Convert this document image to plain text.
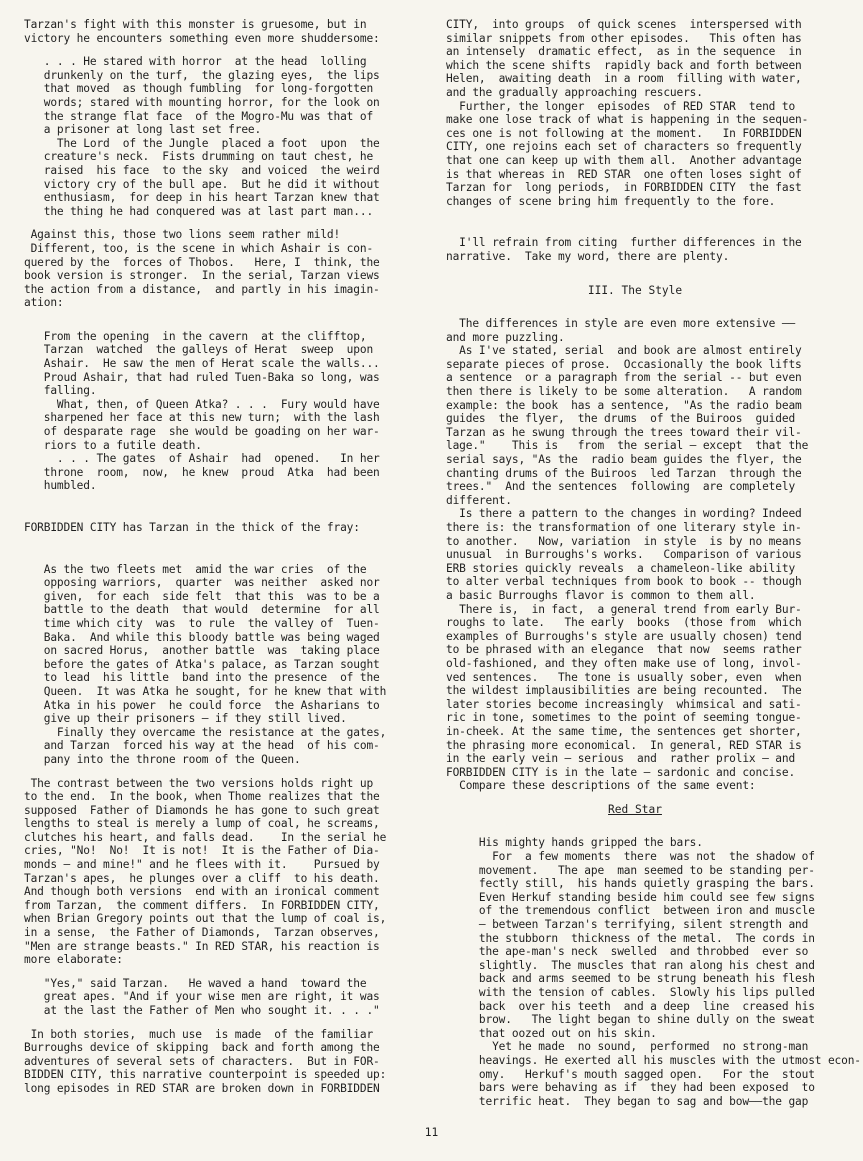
Tarzan's fight with this monster is gruesome, but in
victory he encounters something even more shuddersome:

. . . He stared with horror  at the head  lolling
drunkenly on the turf,  the glazing eyes,  the lips
that moved  as though fumbling  for long-forgotten
words; stared with mounting horror, for the look on
the strange flat face  of the Mogro-Mu was that of
a prisoner at long last set free.
The Lord  of the Jungle  placed a foot  upon  the
creature's neck.  Fists drumming on taut chest, he
raised  his face  to the sky  and voiced  the weird
victory cry of the bull ape.  But he did it without
enthusiasm,  for deep in his heart Tarzan knew that
the thing he had conquered was at last part man...

Against this, those two lions seem rather mild!
Different, too, is the scene in which Ashair is con-
quered by the  forces of Thobos.   Here, I  think, the
book version is stronger.  In the serial, Tarzan views
the action from a distance,  and partly in his imagin-
ation:

From the opening  in the cavern  at the clifftop,
Tarzan  watched  the galleys of Herat  sweep  upon
Ashair.  He saw the men of Herat scale the walls...
Proud Ashair, that had ruled Tuen-Baka so long, was
falling.
What, then, of Queen Atka? . . .  Fury would have
sharpened her face at this new turn;  with the lash
of desparate rage  she would be goading on her war-
riors to a futile death.
. . . The gates  of Ashair  had  opened.   In her
throne  room,  now,  he knew  proud  Atka  had been
humbled.

FORBIDDEN CITY has Tarzan in the thick of the fray:

As the two fleets met  amid the war cries  of the
opposing warriors,  quarter  was neither  asked nor
given,  for each  side felt  that this  was to be a
battle to the death  that would  determine  for all
time which city  was  to rule  the valley of  Tuen-
Baka.  And while this bloody battle was being waged
on sacred Horus,  another battle  was  taking place
before the gates of Atka's palace, as Tarzan sought
to lead  his little  band into the presence  of the
Queen.  It was Atka he sought, for he knew that with
Atka in his power  he could force  the Asharians to
give up their prisoners — if they still lived.
Finally they overcame the resistance at the gates,
and Tarzan  forced his way at the head  of his com-
pany into the throne room of the Queen.

The contrast between the two versions holds right up
to the end.  In the book, when Thome realizes that the
supposed  Father of Diamonds he has gone to such great
lengths to steal is merely a lump of coal, he screams,
clutches his heart, and falls dead.    In the serial he
cries, "No!  No!  It is not!  It is the Father of Dia-
monds — and mine!" and he flees with it.    Pursued by
Tarzan's apes,  he plunges over a cliff  to his death.
And though both versions  end with an ironical comment
from Tarzan,  the comment differs.  In FORBIDDEN CITY,
when Brian Gregory points out that the lump of coal is,
in a sense,  the Father of Diamonds,  Tarzan observes,
"Men are strange beasts." In RED STAR, his reaction is
more elaborate:

"Yes," said Tarzan.   He waved a hand  toward the
great apes. "And if your wise men are right, it was
at the last the Father of Men who sought it. . . ."

In both stories,  much use  is made  of the familiar
Burroughs device of skipping  back and forth among the
adventures of several sets of characters.  But in FOR-
BIDDEN CITY, this narrative counterpoint is speeded up:
long episodes in RED STAR are broken down in FORBIDDEN

CITY,  into groups  of quick scenes  interspersed with
similar snippets from other episodes.   This often has
an intensely  dramatic effect,  as in the sequence  in
which the scene shifts  rapidly back and forth between
Helen,  awaiting death  in a room  filling with water,
and the gradually approaching rescuers.
Further, the longer  episodes  of RED STAR  tend to
make one lose track of what is happening in the sequen-
ces one is not following at the moment.   In FORBIDDEN
CITY, one rejoins each set of characters so frequently
that one can keep up with them all.  Another advantage
is that whereas in  RED STAR  one often loses sight of
Tarzan for  long periods,  in FORBIDDEN CITY  the fast
changes of scene bring him frequently to the fore.

I'll refrain from citing  further differences in the
narrative.  Take my word, there are plenty.

III. The Style

The differences in style are even more extensive ——
and more puzzling.
As I've stated, serial  and book are almost entirely
separate pieces of prose.  Occasionally the book lifts
a sentence  or a paragraph from the serial -- but even
then there is likely to be some alteration.   A random
example: the book  has a sentence,  "As the radio beam
guides  the flyer,  the drums  of the Buiroos  guided
Tarzan as he swung through the trees toward their vil-
lage."    This is   from  the serial — except  that the
serial says, "As the  radio beam guides the flyer, the
chanting drums of the Buiroos  led Tarzan  through the
trees."  And the sentences  following  are completely
different.
Is there a pattern to the changes in wording? Indeed
there is: the transformation of one literary style in-
to another.   Now, variation  in style  is by no means
unusual  in Burroughs's works.   Comparison of various
ERB stories quickly reveals  a chameleon-like ability
to alter verbal techniques from book to book -- though
a basic Burroughs flavor is common to them all.
There is,  in fact,  a general trend from early Bur-
roughs to late.   The early  books  (those from  which
examples of Burroughs's style are usually chosen) tend
to be phrased with an elegance  that now  seems rather
old-fashioned, and they often make use of long, invol-
ved sentences.   The tone is usually sober, even  when
the wildest implausibilities are being recounted.  The
later stories become increasingly  whimsical and sati-
ric in tone, sometimes to the point of seeming tongue-
in-cheek. At the same time, the sentences get shorter,
the phrasing more economical.  In general, RED STAR is
in the early vein — serious  and  rather prolix — and
FORBIDDEN CITY is in the late — sardonic and concise.
Compare these descriptions of the same event:

Red Star

His mighty hands gripped the bars.
For  a few moments  there  was not  the shadow of
movement.   The ape  man seemed to be standing per-
fectly still,  his hands quietly grasping the bars.
Even Herkuf standing beside him could see few signs
of the tremendous conflict  between iron and muscle
— between Tarzan's terrifying, silent strength and
the stubborn  thickness of the metal.  The cords in
the ape-man's neck  swelled  and throbbed  ever so
slightly.  The muscles that ran along his chest and
back and arms seemed to be strung beneath his flesh
with the tension of cables.  Slowly his lips pulled
back  over his teeth  and a deep  line  creased his
brow.   The light began to shine dully on the sweat
that oozed out on his skin.
Yet he made  no sound,  performed  no strong-man
heavings. He exerted all his muscles with the utmost econ-
omy.   Herkuf's mouth sagged open.   For the  stout
bars were behaving as if  they had been exposed  to
terrific heat.  They began to sag and bow——the gap

11
